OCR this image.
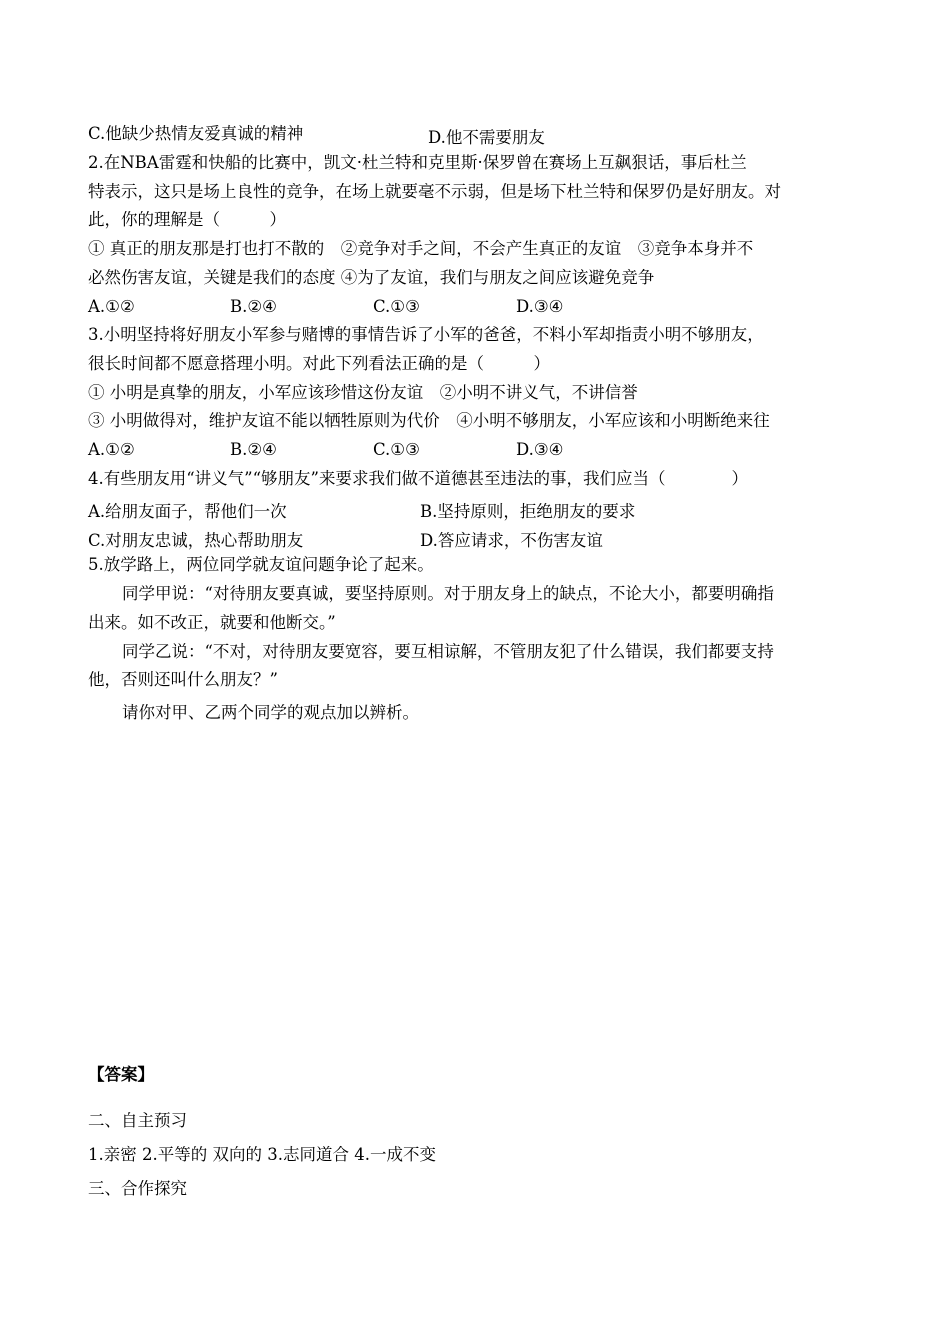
C.他缺少热情友爱真诚的精神	D.他不需要朋友
2.在NBA雷霆和快船的比赛中，凯文·杜兰特和克里斯·保罗曾在赛场上互飙狠话，事后杜兰
特表示，这只是场上良性的竞争，在场上就要毫不示弱，但是场下杜兰特和保罗仍是好朋友。对
此，你的理解是（　　　）
① 真正的朋友那是打也打不散的　②竞争对手之间，不会产生真正的友谊　③竞争本身并不
必然伤害友谊，关键是我们的态度 ④为了友谊，我们与朋友之间应该避免竞争
A.①②	B.②④	C.①③	D.③④
3.小明坚持将好朋友小军参与赌博的事情告诉了小军的爸爸，不料小军却指责小明不够朋友，
很长时间都不愿意搭理小明。对此下列看法正确的是（　　　）
① 小明是真挚的朋友，小军应该珍惜这份友谊　②小明不讲义气，不讲信誉
③ 小明做得对，维护友谊不能以牺牲原则为代价　④小明不够朋友，小军应该和小明断绝来往
A.①②	B.②④	C.①③	D.③④
4.有些朋友用“讲义气”“够朋友”来要求我们做不道德甚至违法的事，我们应当（　　　　）
A.给朋友面子，帮他们一次	B.坚持原则，拒绝朋友的要求
C.对朋友忠诚，热心帮助朋友	D.答应请求，不伤害友谊
5.放学路上，两位同学就友谊问题争论了起来。
同学甲说：“对待朋友要真诚，要坚持原则。对于朋友身上的缺点，不论大小，都要明确指
出来。如不改正，就要和他断交。”
同学乙说：“不对，对待朋友要宽容，要互相谅解，不管朋友犯了什么错误，我们都要支持
他，否则还叫什么朋友？”
请你对甲、乙两个同学的观点加以辨析。
【答案】
二、自主预习
1.亲密 2.平等的 双向的 3.志同道合 4.一成不变
三、合作探究
